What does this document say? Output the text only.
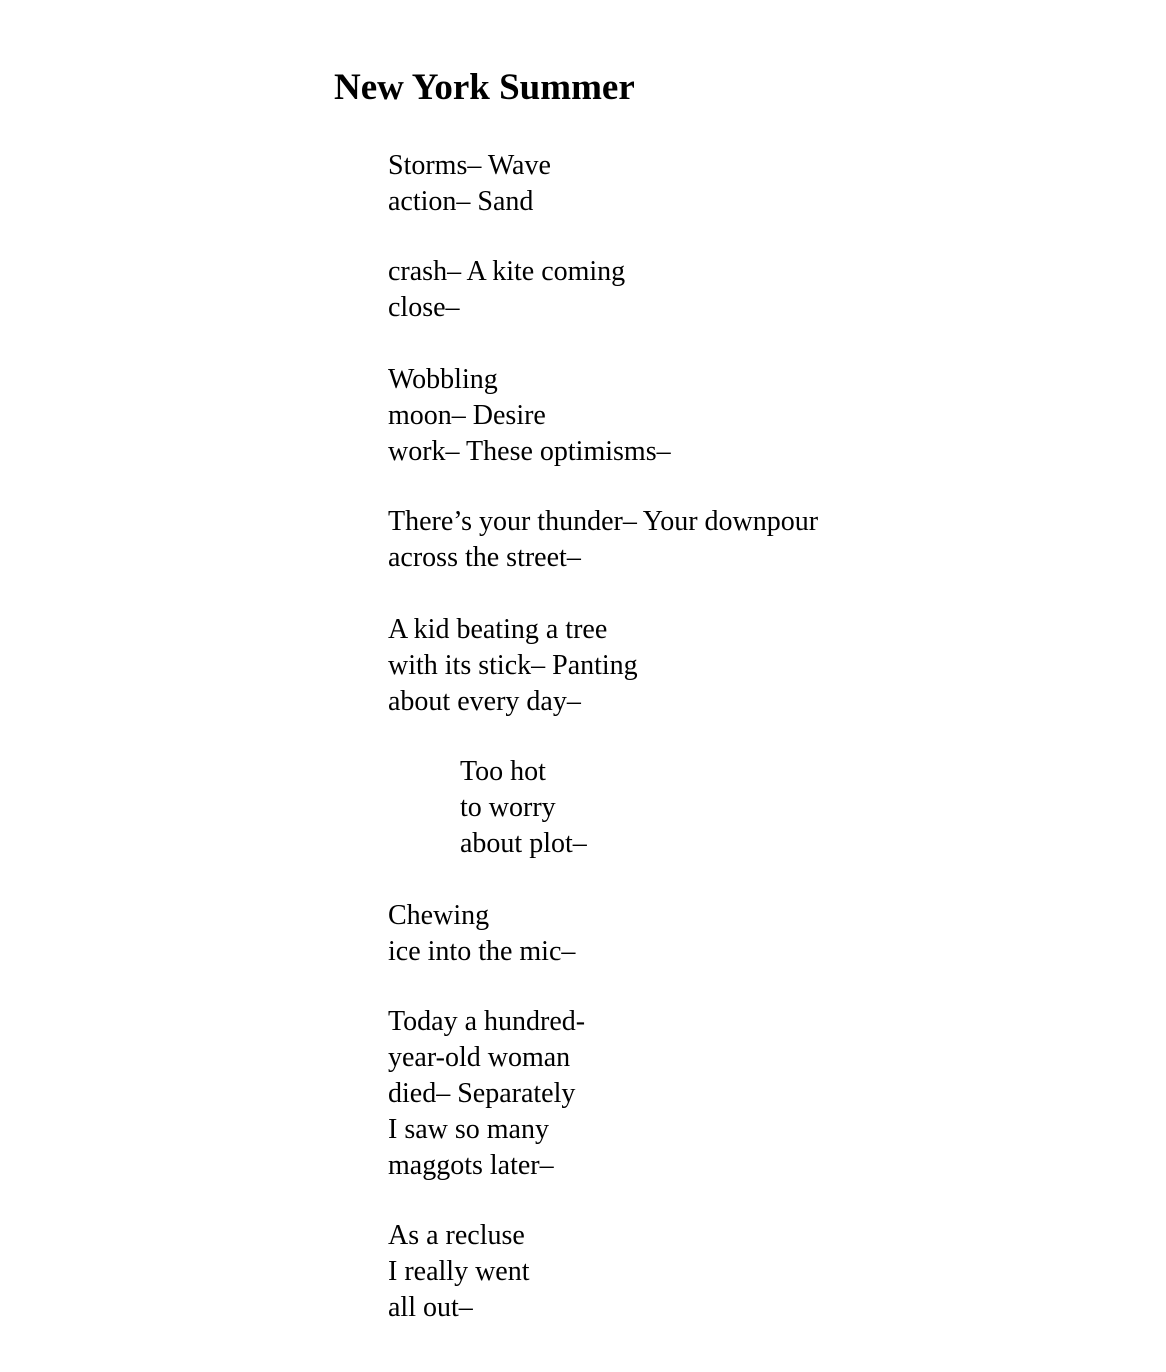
New York Summer

Storms– Wave
action– Sand

crash– A kite coming
close–

Wobbling
moon– Desire
work– These optimisms–

There’s your thunder– Your downpour
across the street–

A kid beating a tree
with its stick– Panting
about every day–

Too hot
to worry
about plot–

Chewing
ice into the mic–

Today a hundred-
year-old woman
died– Separately
I saw so many
maggots later–

As a recluse
I really went
all out–
